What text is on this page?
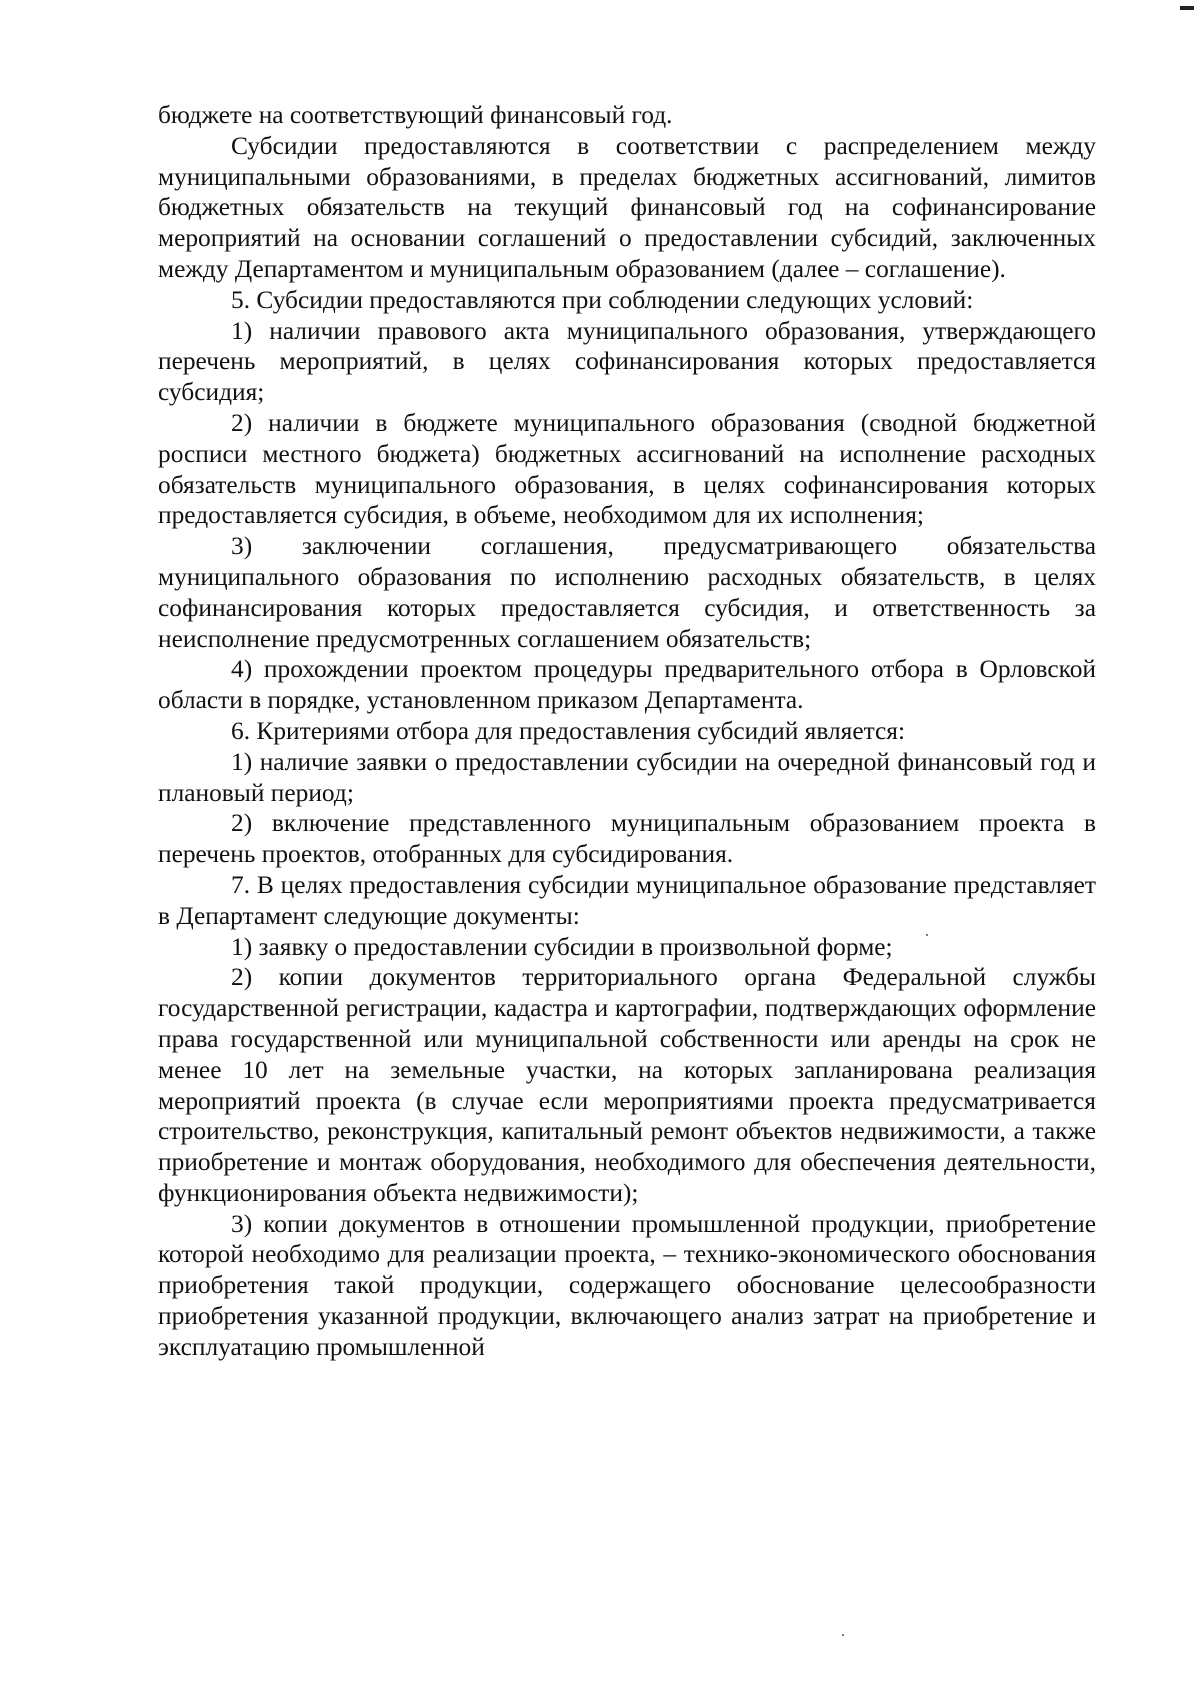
бюджете на соответствующий финансовый год.

Субсидии предоставляются в соответствии с распределением между муниципальными образованиями, в пределах бюджетных ассигнований, лимитов бюджетных обязательств на текущий финансовый год на софинансирование мероприятий на основании соглашений о предоставлении субсидий, заключенных между Департаментом и муниципальным образованием (далее – соглашение).

5. Субсидии предоставляются при соблюдении следующих условий:

1) наличии правового акта муниципального образования, утверждающего перечень мероприятий, в целях софинансирования которых предоставляется субсидия;

2) наличии в бюджете муниципального образования (сводной бюджетной росписи местного бюджета) бюджетных ассигнований на исполнение расходных обязательств муниципального образования, в целях софинансирования которых предоставляется субсидия, в объеме, необходимом для их исполнения;

3) заключении соглашения, предусматривающего обязательства муниципального образования по исполнению расходных обязательств, в целях софинансирования которых предоставляется субсидия, и ответственность за неисполнение предусмотренных соглашением обязательств;

4) прохождении проектом процедуры предварительного отбора в Орловской области в порядке, установленном приказом Департамента.

6. Критериями отбора для предоставления субсидий является:

1) наличие заявки о предоставлении субсидии на очередной финансовый год и плановый период;

2) включение представленного муниципальным образованием проекта в перечень проектов, отобранных для субсидирования.

7. В целях предоставления субсидии муниципальное образование представляет в Департамент следующие документы:

1) заявку о предоставлении субсидии в произвольной форме;

2) копии документов территориального органа Федеральной службы государственной регистрации, кадастра и картографии, подтверждающих оформление права государственной или муниципальной собственности или аренды на срок не менее 10 лет на земельные участки, на которых запланирована реализация мероприятий проекта (в случае если мероприятиями проекта предусматривается строительство, реконструкция, капитальный ремонт объектов недвижимости, а также приобретение и монтаж оборудования, необходимого для обеспечения деятельности, функционирования объекта недвижимости);

3) копии документов в отношении промышленной продукции, приобретение которой необходимо для реализации проекта, – технико-экономического обоснования приобретения такой продукции, содержащего обоснование целесообразности приобретения указанной продукции, включающего анализ затрат на приобретение и эксплуатацию промышленной
